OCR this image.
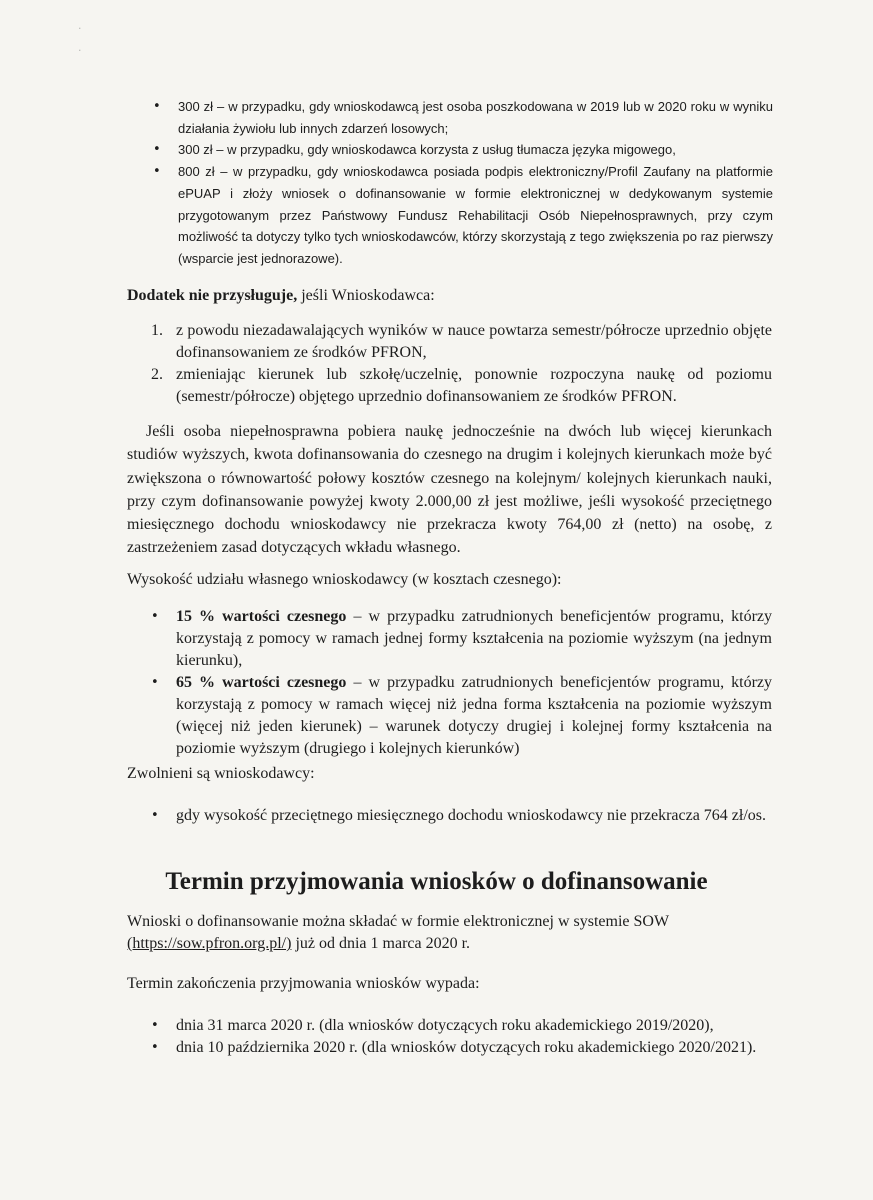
·
·
• 300 zł – w przypadku, gdy wnioskodawcą jest osoba poszkodowana w 2019 lub w 2020 roku w wyniku działania żywiołu lub innych zdarzeń losowych;
• 300 zł – w przypadku, gdy wnioskodawca korzysta z usług tłumacza języka migowego,
• 800 zł – w przypadku, gdy wnioskodawca posiada podpis elektroniczny/Profil Zaufany na platformie ePUAP i złoży wniosek o dofinansowanie w formie elektronicznej w dedykowanym systemie przygotowanym przez Państwowy Fundusz Rehabilitacji Osób Niepełnosprawnych, przy czym możliwość ta dotyczy tylko tych wnioskodawców, którzy skorzystają z tego zwiększenia po raz pierwszy (wsparcie jest jednorazowe).
Dodatek nie przysługuje, jeśli Wnioskodawca:
1. z powodu niezadawalających wyników w nauce powtarza semestr/półrocze uprzednio objęte dofinansowaniem ze środków PFRON,
2. zmieniając kierunek lub szkołę/uczelnię, ponownie rozpoczyna naukę od poziomu (semestr/półrocze) objętego uprzednio dofinansowaniem ze środków PFRON.

Jeśli osoba niepełnosprawna pobiera naukę jednocześnie na dwóch lub więcej kierunkach studiów wyższych, kwota dofinansowania do czesnego na drugim i kolejnych kierunkach może być zwiększona o równowartość połowy kosztów czesnego na kolejnym/ kolejnych kierunkach nauki, przy czym dofinansowanie powyżej kwoty 2.000,00 zł jest możliwe, jeśli wysokość przeciętnego miesięcznego dochodu wnioskodawcy nie przekracza kwoty 764,00 zł (netto) na osobę, z zastrzeżeniem zasad dotyczących wkładu własnego.

Wysokość udziału własnego wnioskodawcy (w kosztach czesnego):
• 15 % wartości czesnego – w przypadku zatrudnionych beneficjentów programu, którzy korzystają z pomocy w ramach jednej formy kształcenia na poziomie wyższym (na jednym kierunku),
• 65 % wartości czesnego – w przypadku zatrudnionych beneficjentów programu, którzy korzystają z pomocy w ramach więcej niż jedna forma kształcenia na poziomie wyższym (więcej niż jeden kierunek) – warunek dotyczy drugiej i kolejnej formy kształcenia na poziomie wyższym (drugiego i kolejnych kierunków)
Zwolnieni są wnioskodawcy:
• gdy wysokość przeciętnego miesięcznego dochodu wnioskodawcy nie przekracza 764 zł/os.
Termin przyjmowania wniosków o dofinansowanie

Wnioski o dofinansowanie można składać w formie elektronicznej w systemie SOW (https://sow.pfron.org.pl/) już od dnia 1 marca 2020 r.

Termin zakończenia przyjmowania wniosków wypada:
• dnia 31 marca 2020 r. (dla wniosków dotyczących roku akademickiego 2019/2020),
• dnia 10 października 2020 r. (dla wniosków dotyczących roku akademickiego 2020/2021).
